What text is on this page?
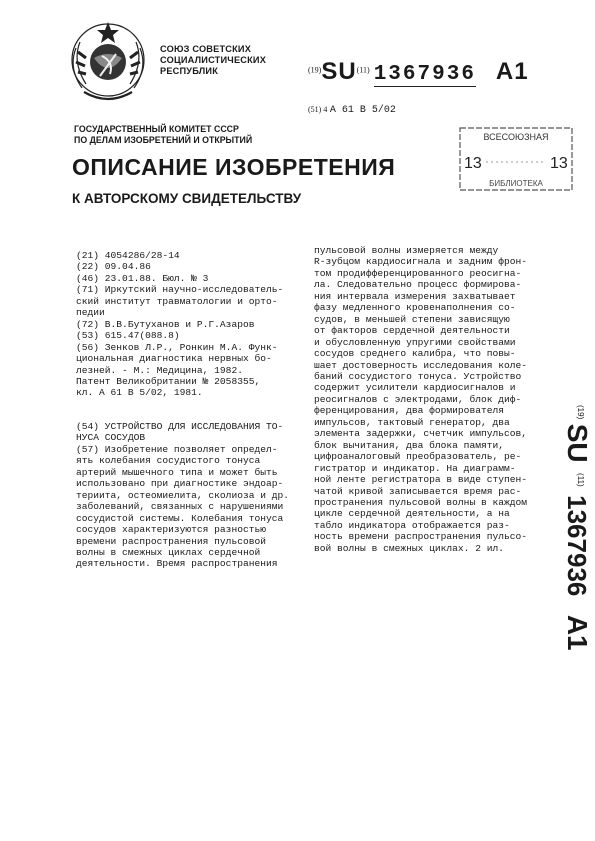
СОЮЗ СОВЕТСКИХ
СОЦИАЛИСТИЧЕСКИХ
РЕСПУБЛИК	$^{(19)}$SU$^{(11)}$ 1367936 A1
(51) 4 A 61 B 5/02
ГОСУДАРСТВЕННЫЙ КОМИТЕТ СССР
ПО ДЕЛАМ ИЗОБРЕТЕНИЙ И ОТКРЫТИЙ	ВСЕСОЮЗНАЯ
13	13
БИБЛИОТЕКА
ОПИСАНИЕ ИЗОБРЕТЕНИЯ
К АВТОРСКОМУ СВИДЕТЕЛЬСТВУ
(21) 4054286/28-14
(22) 09.04.86
(46) 23.01.88. Бюл. № 3
(71) Иркутский научно-исследователь-
ский институт травматологии и орто-
педии
(72) В.В.Бутуханов и Р.Г.Азаров
(53) 615.47(088.8)
(56) Зенков Л.Р., Ронкин М.А. Функ-
циональная диагностика нервных бо-
лезней. - М.: Медицина, 1982.
Патент Великобритании № 2058355,
кл. A 61 B 5/02, 1981.
(54) УСТРОЙСТВО ДЛЯ ИССЛЕДОВАНИЯ ТО-
НУСА СОСУДОВ
(57) Изобретение позволяет определ-
ять колебания сосудистого тонуса
артерий мышечного типа и может быть
использовано при диагностике эндоар-
териита, остеомиелита, сколиоза и др.
заболеваний, связанных с нарушениями
сосудистой системы. Колебания тонуса
сосудов характеризуются разностью
времени распространения пульсовой
волны в смежных циклах сердечной
деятельности. Время распространения
пульсовой волны измеряется между
R-зубцом кардиосигнала и задним фрон-
том продифференцированного реосигна-
ла. Следовательно процесс формирова-
ния интервала измерения захватывает
фазу медленного кровенаполнения со-
судов, в меньшей степени зависящую
от факторов сердечной деятельности
и обусловленную упругими свойствами
сосудов среднего калибра, что повы-
шает достоверность исследования коле-
баний сосудистого тонуса. Устройство
содержит усилители кардиосигналов и
реосигналов с электродами, блок диф-
ференцирования, два формирователя
импульсов, тактовый генератор, два
элемента задержки, счетчик импульсов,
блок вычитания, два блока памяти,
цифроаналоговый преобразователь, ре-
гистратор и индикатор. На диаграмм-
ной ленте регистратора в виде ступен-
чатой кривой записывается время рас-
пространения пульсовой волны в каждом
цикле сердечной деятельности, а на
табло индикатора отображается раз-
ность времени распространения пульсо-
вой волны в смежных циклах. 2 ил.
$^{(19)}$ SU $^{(11)}$ 1367936 A1
